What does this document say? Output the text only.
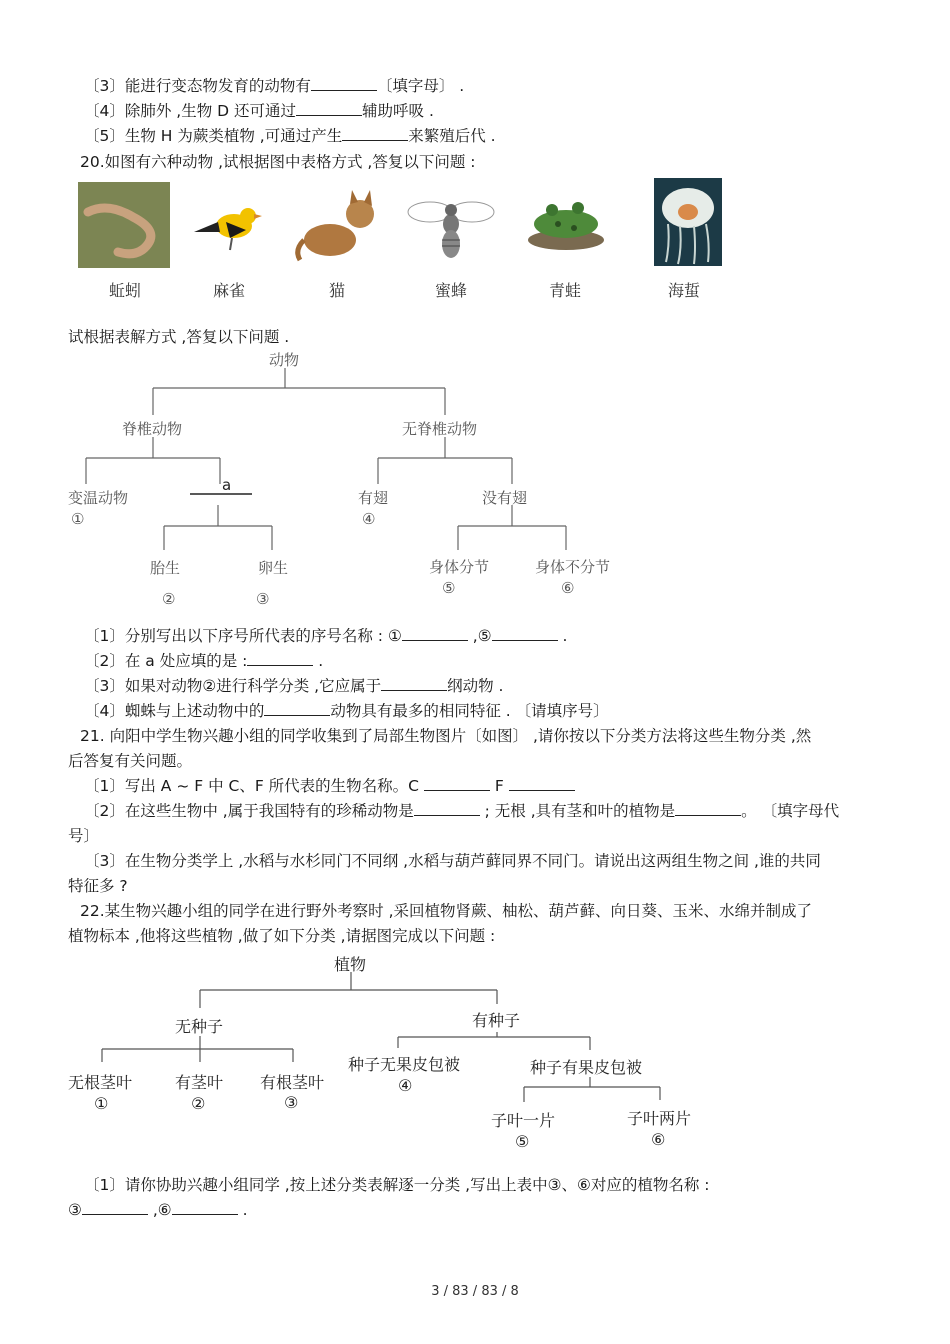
〔3〕能进行变态物发育的动物有	〔填字母〕 .
〔4〕除肺外 ,生物 D 还可通过	辅助呼吸 .
〔5〕生物 H 为蕨类植物 ,可通过产生	来繁殖后代 .
20.如图有六种动物 ,试根据图中表格方式 ,答复以下问题 :
蚯蚓	麻雀	猫	蜜蜂	青蛙	海蜇
试根据表解方式 ,答复以下问题 .
动物
脊椎动物	无脊椎动物
变温动物
①
a
有翅
④
没有翅
胎生
②
卵生
③
身体分节
⑤
身体不分节
⑥
〔1〕分别写出以下序号所代表的序号名称 : ①	,⑤	.
〔2〕在 a 处应填的是 :	.
〔3〕如果对动物②进行科学分类 ,它应属于	纲动物 .
〔4〕蜘蛛与上述动物中的	动物具有最多的相同特征 . 〔请填序号〕
21. 向阳中学生物兴趣小组的同学收集到了局部生物图片〔如图〕 ,请你按以下分类方法将这些生物分类 ,然
后答复有关问题。
〔1〕写出 A ~ F 中 C、F 所代表的生物名称。C	F
〔2〕在这些生物中 ,属于我国特有的珍稀动物是	; 无根 ,具有茎和叶的植物是	。 〔填字母代
号〕
〔3〕在生物分类学上 ,水稻与水杉同门不同纲 ,水稻与葫芦藓同界不同门。请说出这两组生物之间 ,谁的共同
特征多 ?
22.某生物兴趣小组的同学在进行野外考察时 ,采回植物肾蕨、柚松、葫芦藓、向日葵、玉米、水绵并制成了
植物标本 ,他将这些植物 ,做了如下分类 ,请据图完成以下问题 :
植物
无种子	有种子
无根茎叶
①
有茎叶
②
有根茎叶
③
种子无果皮包被
④
种子有果皮包被
子叶一片
⑤
子叶两片
⑥
〔1〕请你协助兴趣小组同学 ,按上述分类表解逐一分类 ,写出上表中③、⑥对应的植物名称 :
③	,⑥	.
3 / 83 / 83 / 8
